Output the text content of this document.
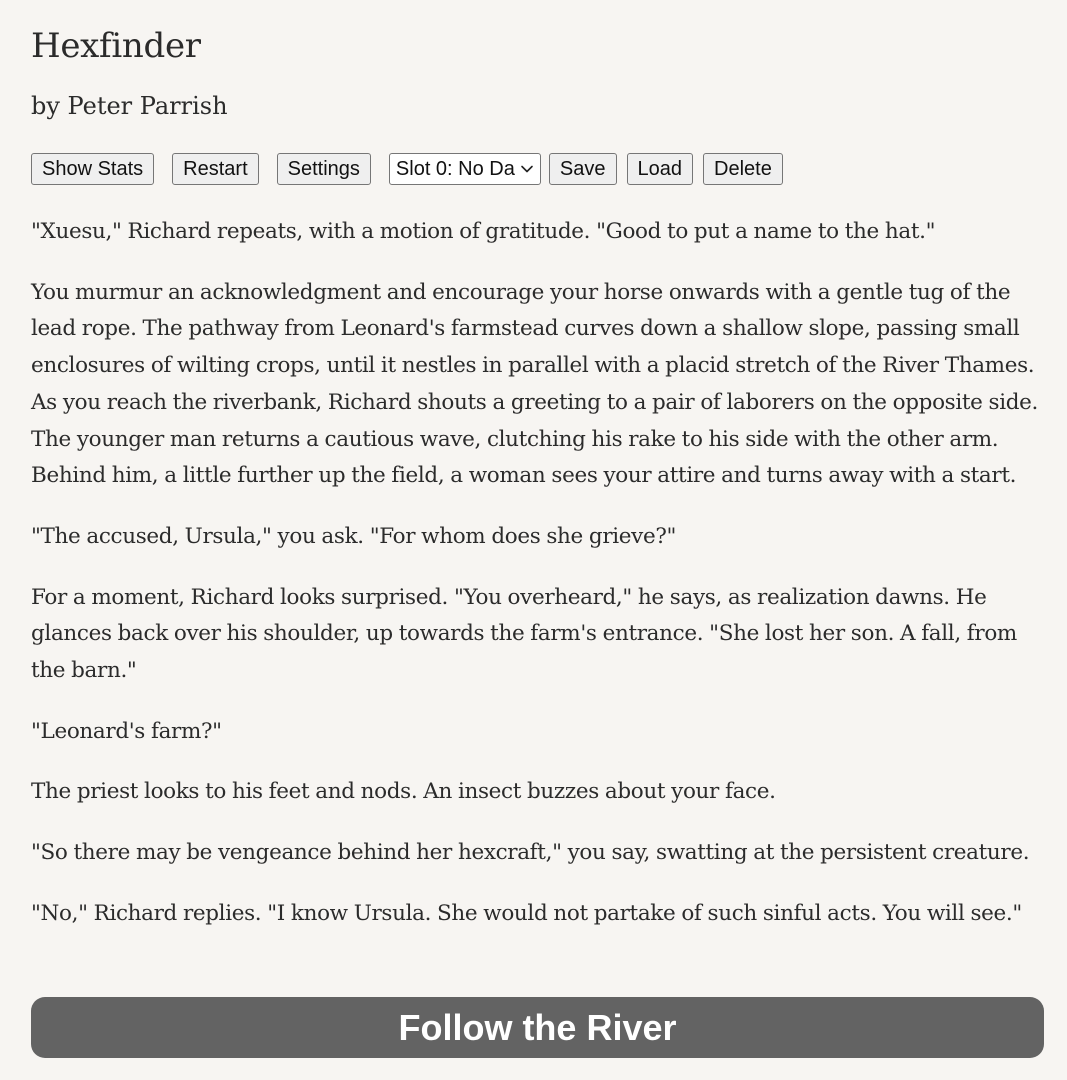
Hexfinder
by Peter Parrish
Show Stats	Restart	Settings	Slot 0: No Da	Save	Load	Delete

"Xuesu," Richard repeats, with a motion of gratitude. "Good to put a name to the hat."

You murmur an acknowledgment and encourage your horse onwards with a gentle tug of the lead rope. The pathway from Leonard's farmstead curves down a shallow slope, passing small enclosures of wilting crops, until it nestles in parallel with a placid stretch of the River Thames. As you reach the riverbank, Richard shouts a greeting to a pair of laborers on the opposite side. The younger man returns a cautious wave, clutching his rake to his side with the other arm. Behind him, a little further up the field, a woman sees your attire and turns away with a start.

"The accused, Ursula," you ask. "For whom does she grieve?"

For a moment, Richard looks surprised. "You overheard," he says, as realization dawns. He glances back over his shoulder, up towards the farm's entrance. "She lost her son. A fall, from the barn."

"Leonard's farm?"

The priest looks to his feet and nods. An insect buzzes about your face.

"So there may be vengeance behind her hexcraft," you say, swatting at the persistent creature.

"No," Richard replies. "I know Ursula. She would not partake of such sinful acts. You will see."

Follow the River
